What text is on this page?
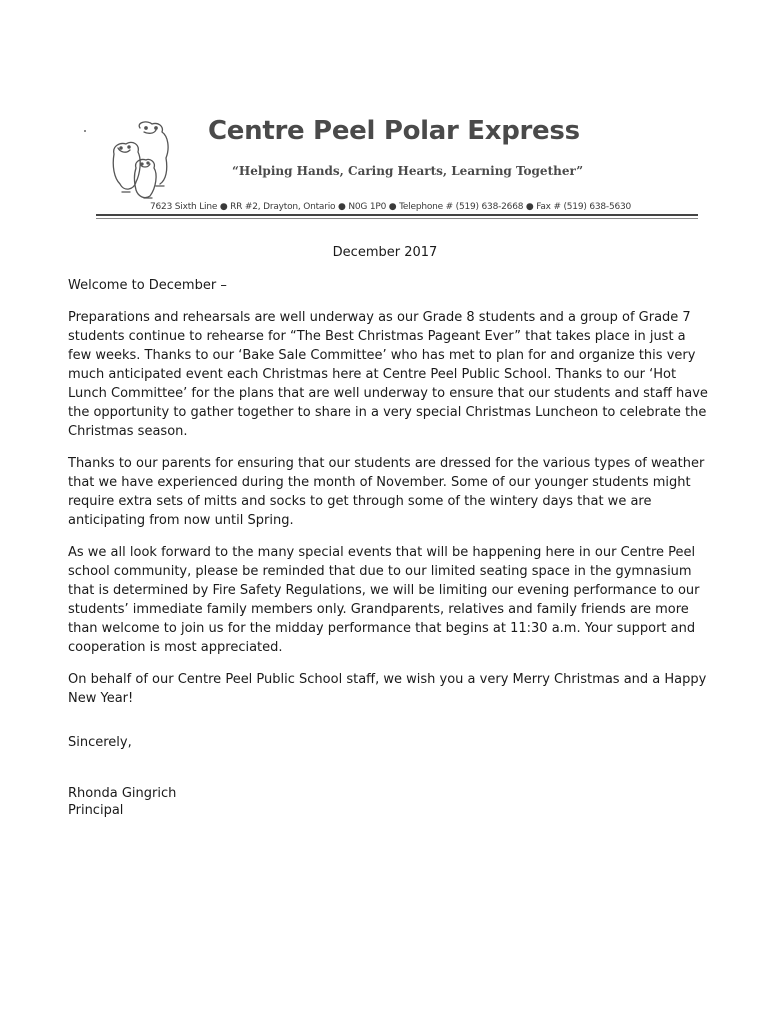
Centre Peel Polar Express
“Helping Hands, Caring Hearts, Learning Together”
7623 Sixth Line ● RR #2, Drayton, Ontario ● N0G 1P0 ● Telephone # (519) 638-2668 ● Fax # (519) 638-5630

December 2017

Welcome to December –

Preparations and rehearsals are well underway as our Grade 8 students and a group of Grade 7 students continue to rehearse for “The Best Christmas Pageant Ever” that takes place in just a few weeks. Thanks to our ‘Bake Sale Committee’ who has met to plan for and organize this very much anticipated event each Christmas here at Centre Peel Public School. Thanks to our ‘Hot Lunch Committee’ for the plans that are well underway to ensure that our students and staff have the opportunity to gather together to share in a very special Christmas Luncheon to celebrate the Christmas season.

Thanks to our parents for ensuring that our students are dressed for the various types of weather that we have experienced during the month of November. Some of our younger students might require extra sets of mitts and socks to get through some of the wintery days that we are anticipating from now until Spring.

As we all look forward to the many special events that will be happening here in our Centre Peel school community, please be reminded that due to our limited seating space in the gymnasium that is determined by Fire Safety Regulations, we will be limiting our evening performance to our students’ immediate family members only. Grandparents, relatives and family friends are more than welcome to join us for the midday performance that begins at 11:30 a.m. Your support and cooperation is most appreciated.

On behalf of our Centre Peel Public School staff, we wish you a very Merry Christmas and a Happy New Year!

Sincerely,

Rhonda Gingrich

Principal
